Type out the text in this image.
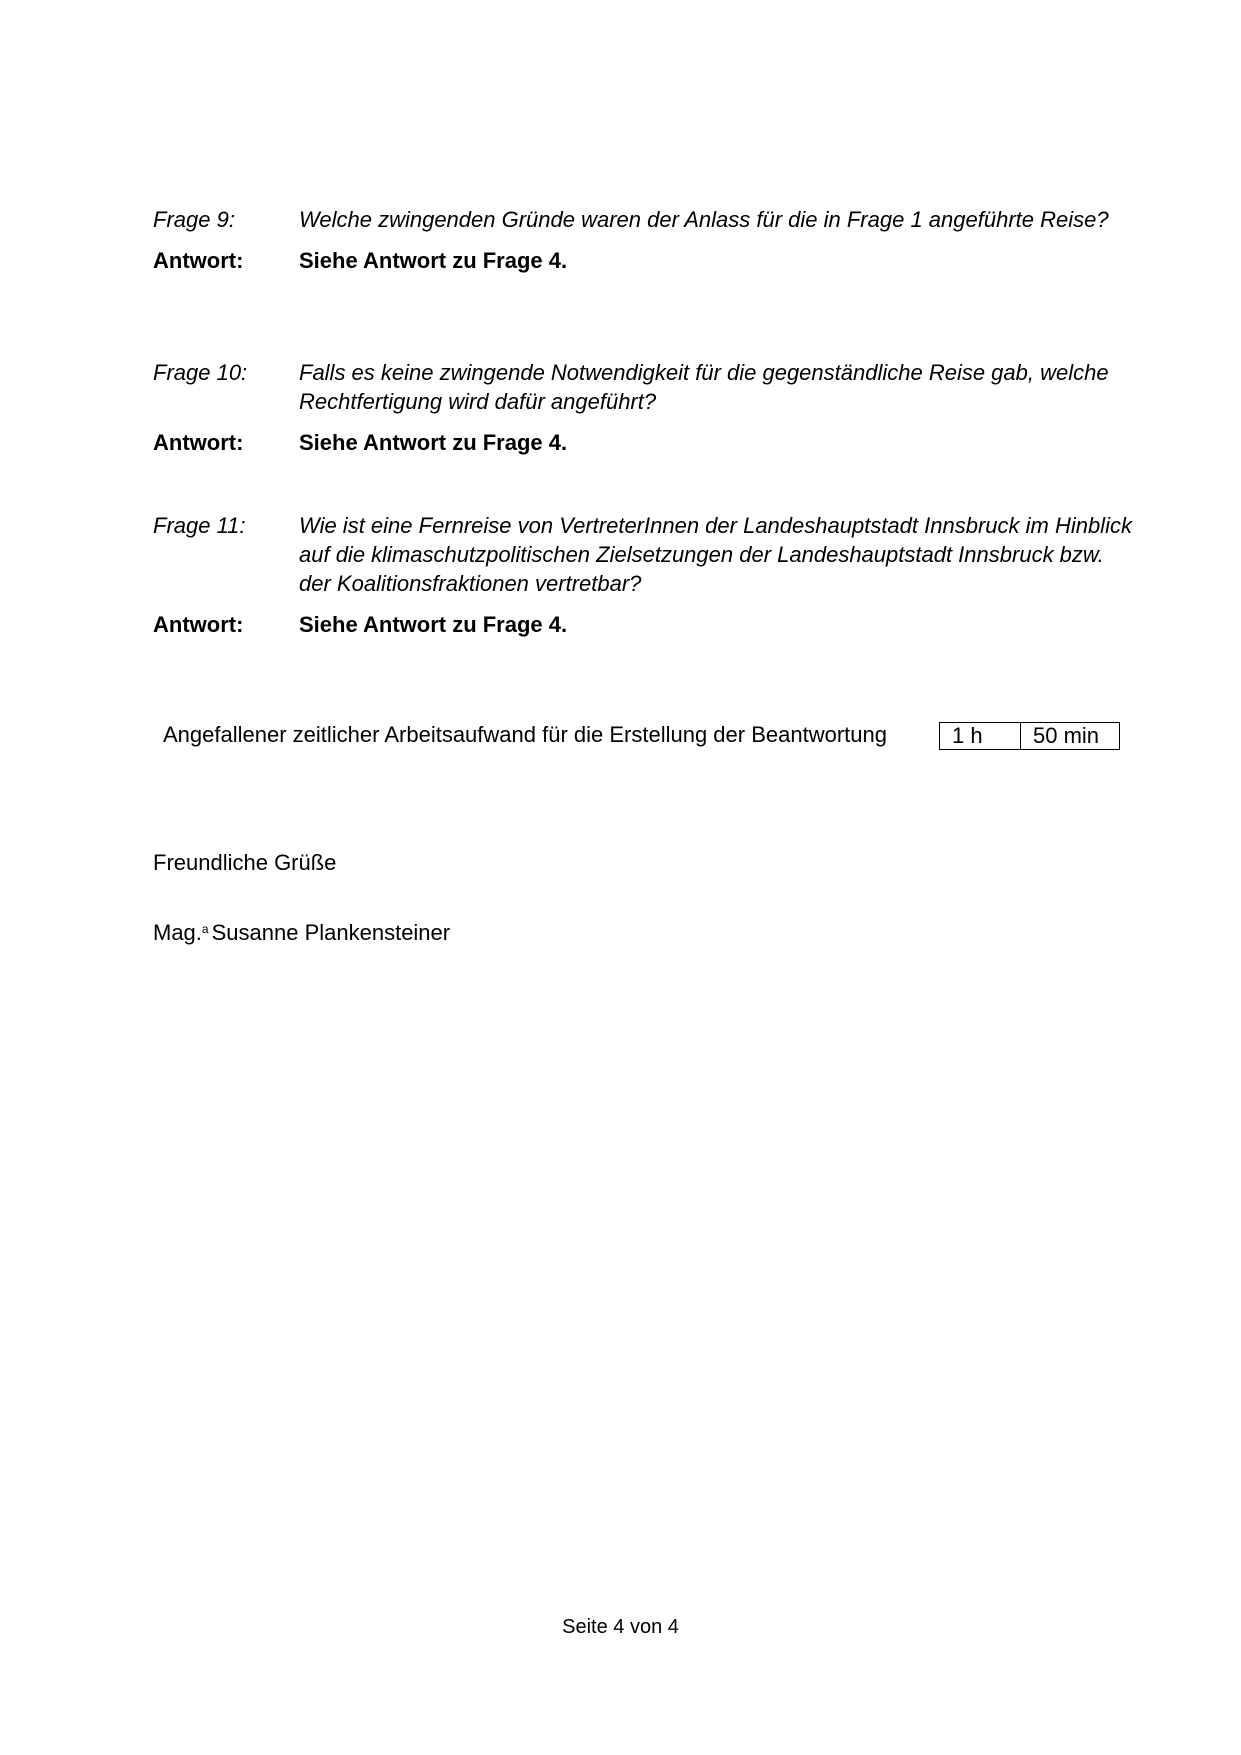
Frage 9:	Welche zwingenden Gründe waren der Anlass für die in Frage 1 angeführte Reise?
Antwort:	Siehe Antwort zu Frage 4.
Frage 10:	Falls es keine zwingende Notwendigkeit für die gegenständliche Reise gab, welche Rechtfertigung wird dafür angeführt?
Antwort:	Siehe Antwort zu Frage 4.
Frage 11:	Wie ist eine Fernreise von VertreterInnen der Landeshauptstadt Innsbruck im Hinblick auf die klimaschutzpolitischen Zielsetzungen der Landeshauptstadt Innsbruck bzw. der Koalitionsfraktionen vertretbar?
Antwort:	Siehe Antwort zu Frage 4.
Angefallener zeitlicher Arbeitsaufwand für die Erstellung der Beantwortung	1 h	50 min
Freundliche Grüße
Mag.$^a$ Susanne Plankensteiner
Seite 4 von 4
